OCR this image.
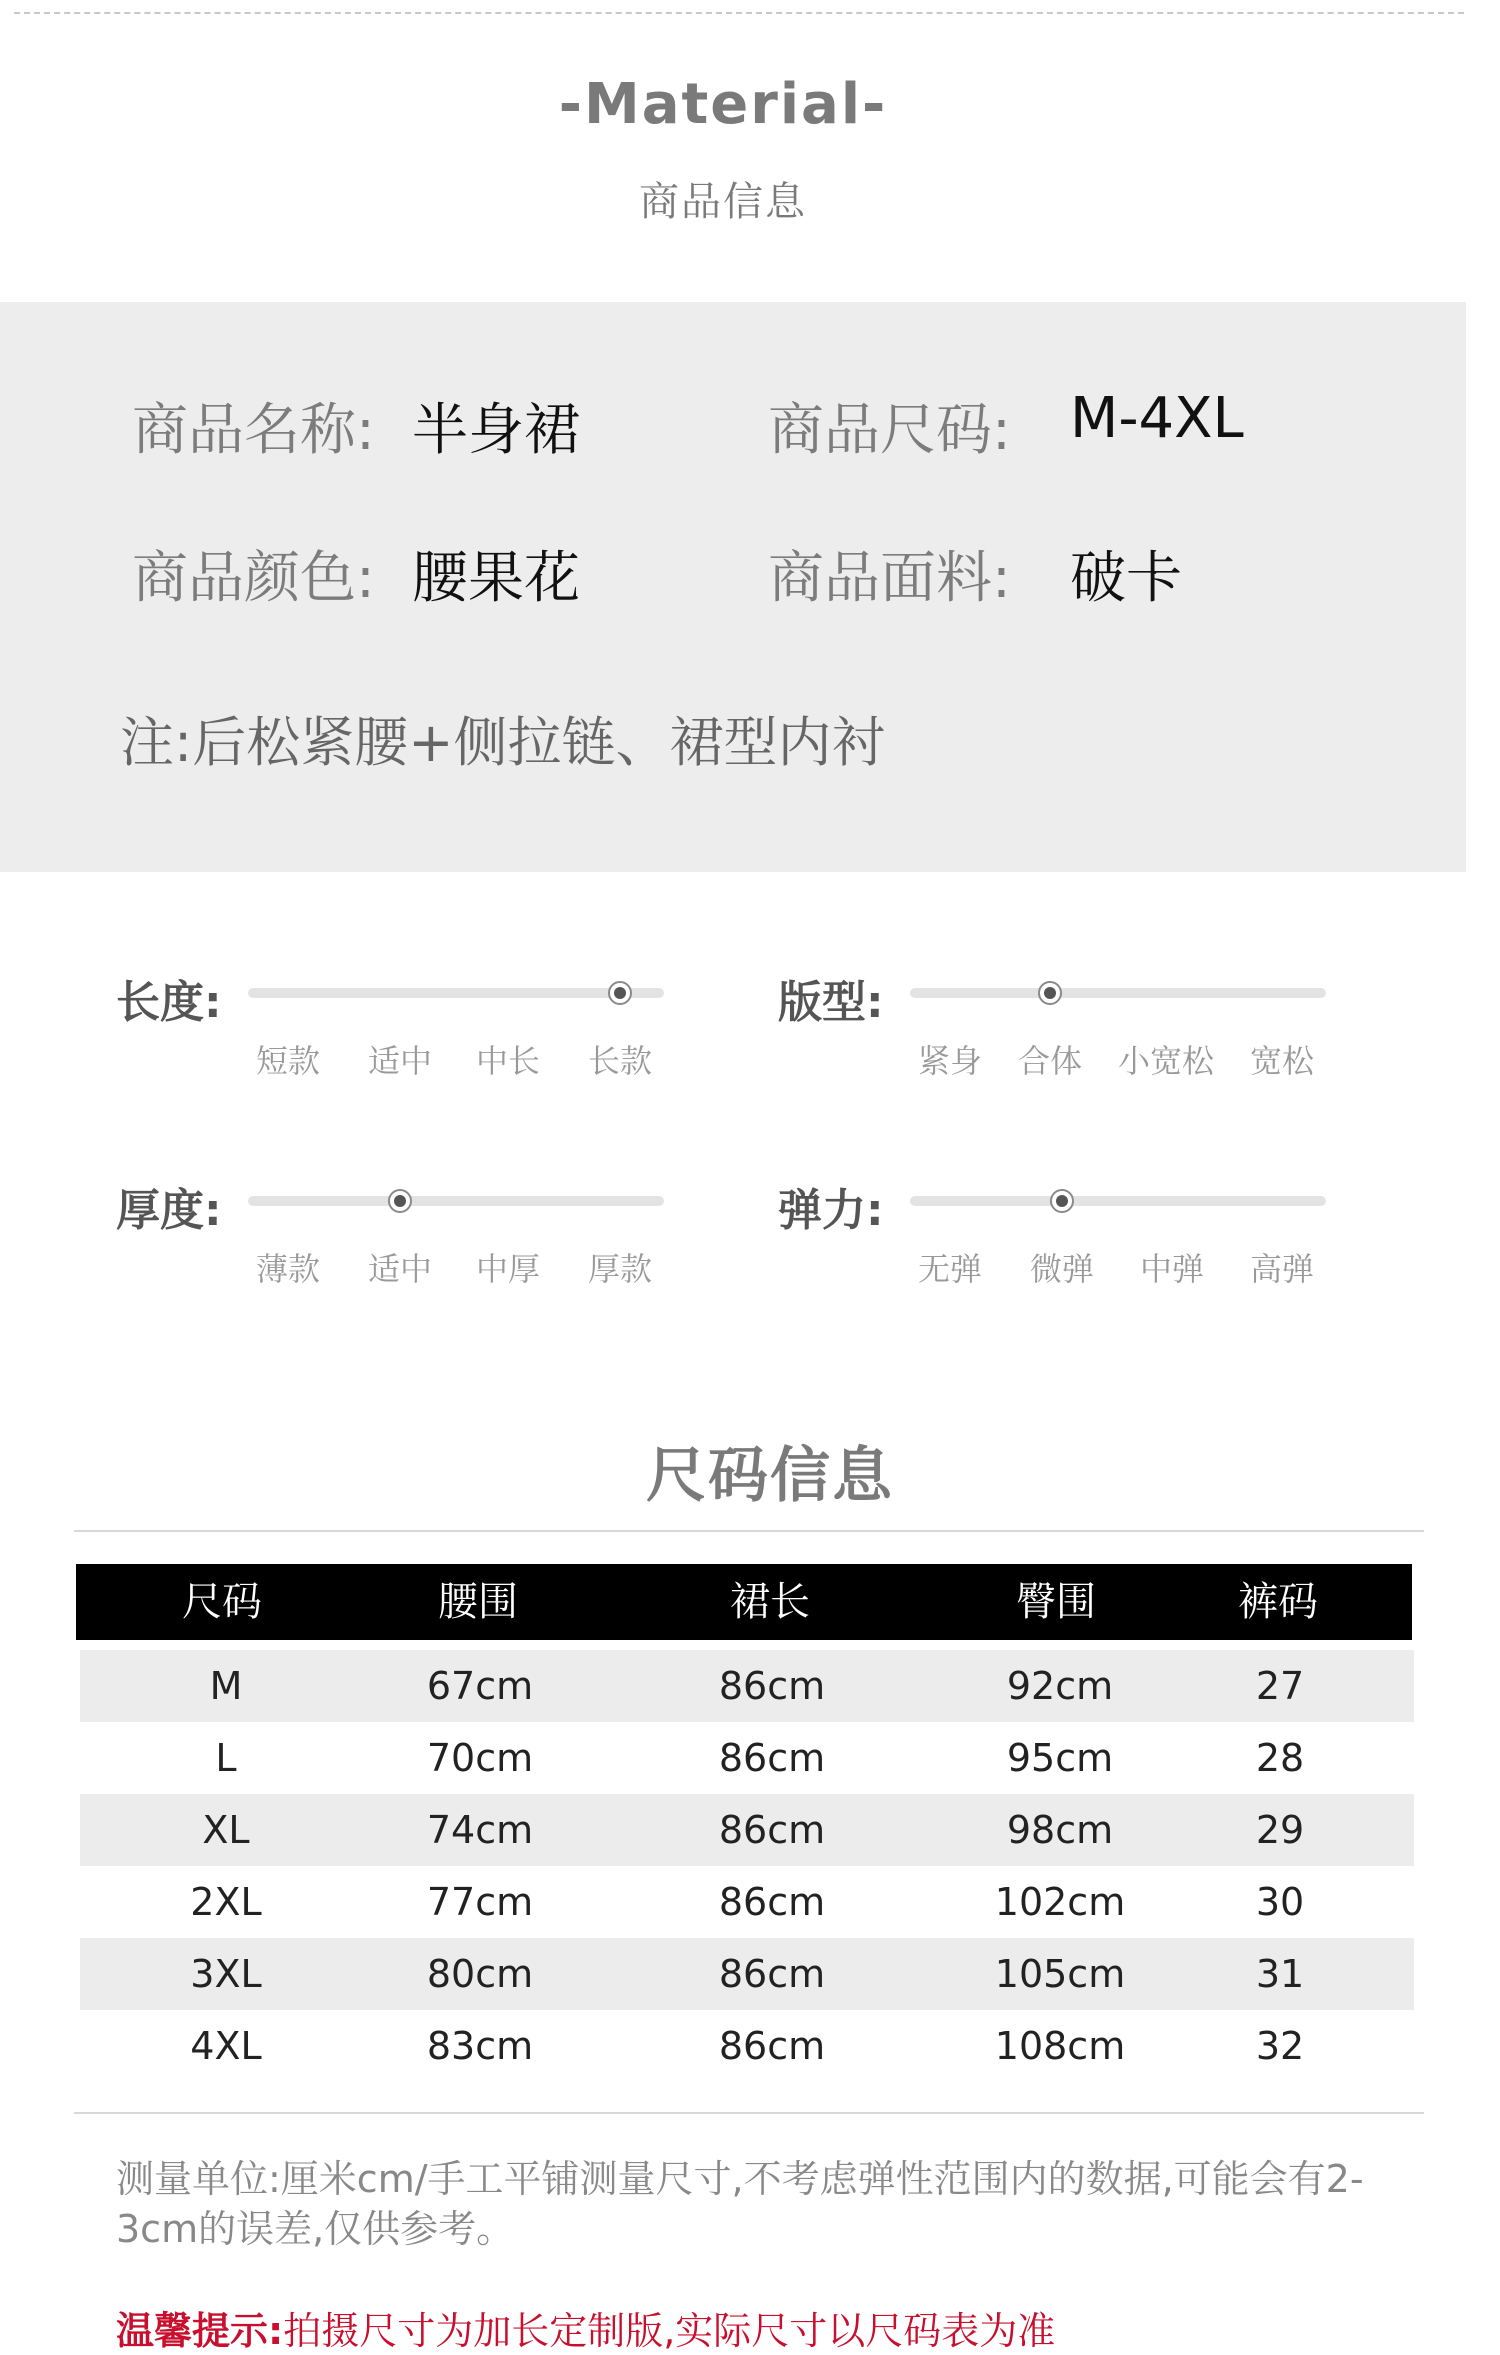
-Material-
商品信息
商品名称: 半身裙	商品尺码: M-4XL
商品颜色: 腰果花	商品面料: 破卡
注:后松紧腰+侧拉链、裙型内衬
长度:
短款 适中 中长 长款
版型:
紧身 合体 小宽松 宽松
厚度:
薄款 适中 中厚 厚款
弹力:
无弹 微弹 中弹 高弹
尺码信息
尺码	腰围	裙长	臀围	裤码
M	67cm	86cm	92cm	27
L	70cm	86cm	95cm	28
XL	74cm	86cm	98cm	29
2XL	77cm	86cm	102cm	30
3XL	80cm	86cm	105cm	31
4XL	83cm	86cm	108cm	32
测量单位:厘米cm/手工平铺测量尺寸,不考虑弹性范围内的数据,可能会有2-3cm的误差,仅供参考。
温馨提示:拍摄尺寸为加长定制版,实际尺寸以尺码表为准
